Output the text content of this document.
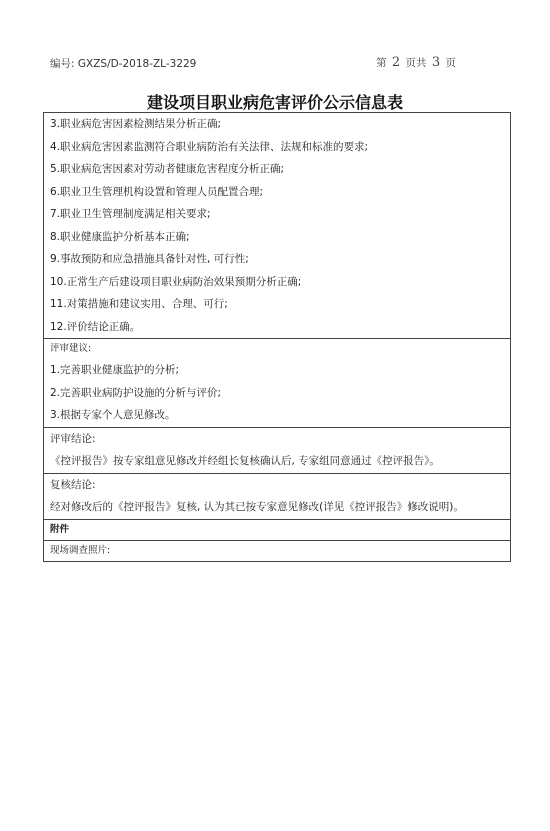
编号: GXZS/D-2018-ZL-3229	第 2 页共 3 页
建设项目职业病危害评价公示信息表
3.职业病危害因素检测结果分析正确;
4.职业病危害因素监测符合职业病防治有关法律、法规和标准的要求;
5.职业病危害因素对劳动者健康危害程度分析正确;
6.职业卫生管理机构设置和管理人员配置合理;
7.职业卫生管理制度满足相关要求;
8.职业健康监护分析基本正确;
9.事故预防和应急措施具备针对性, 可行性;
10.正常生产后建设项目职业病防治效果预期分析正确;
11.对策措施和建议实用、合理、可行;
12.评价结论正确。
评审建议:
1.完善职业健康监护的分析;
2.完善职业病防护设施的分析与评价;
3.根据专家个人意见修改。
评审结论:
《控评报告》按专家组意见修改并经组长复核确认后, 专家组同意通过《控评报告》。
复核结论:
经对修改后的《控评报告》复核, 认为其已按专家意见修改(详见《控评报告》修改说明)。
附件
现场调查照片:
